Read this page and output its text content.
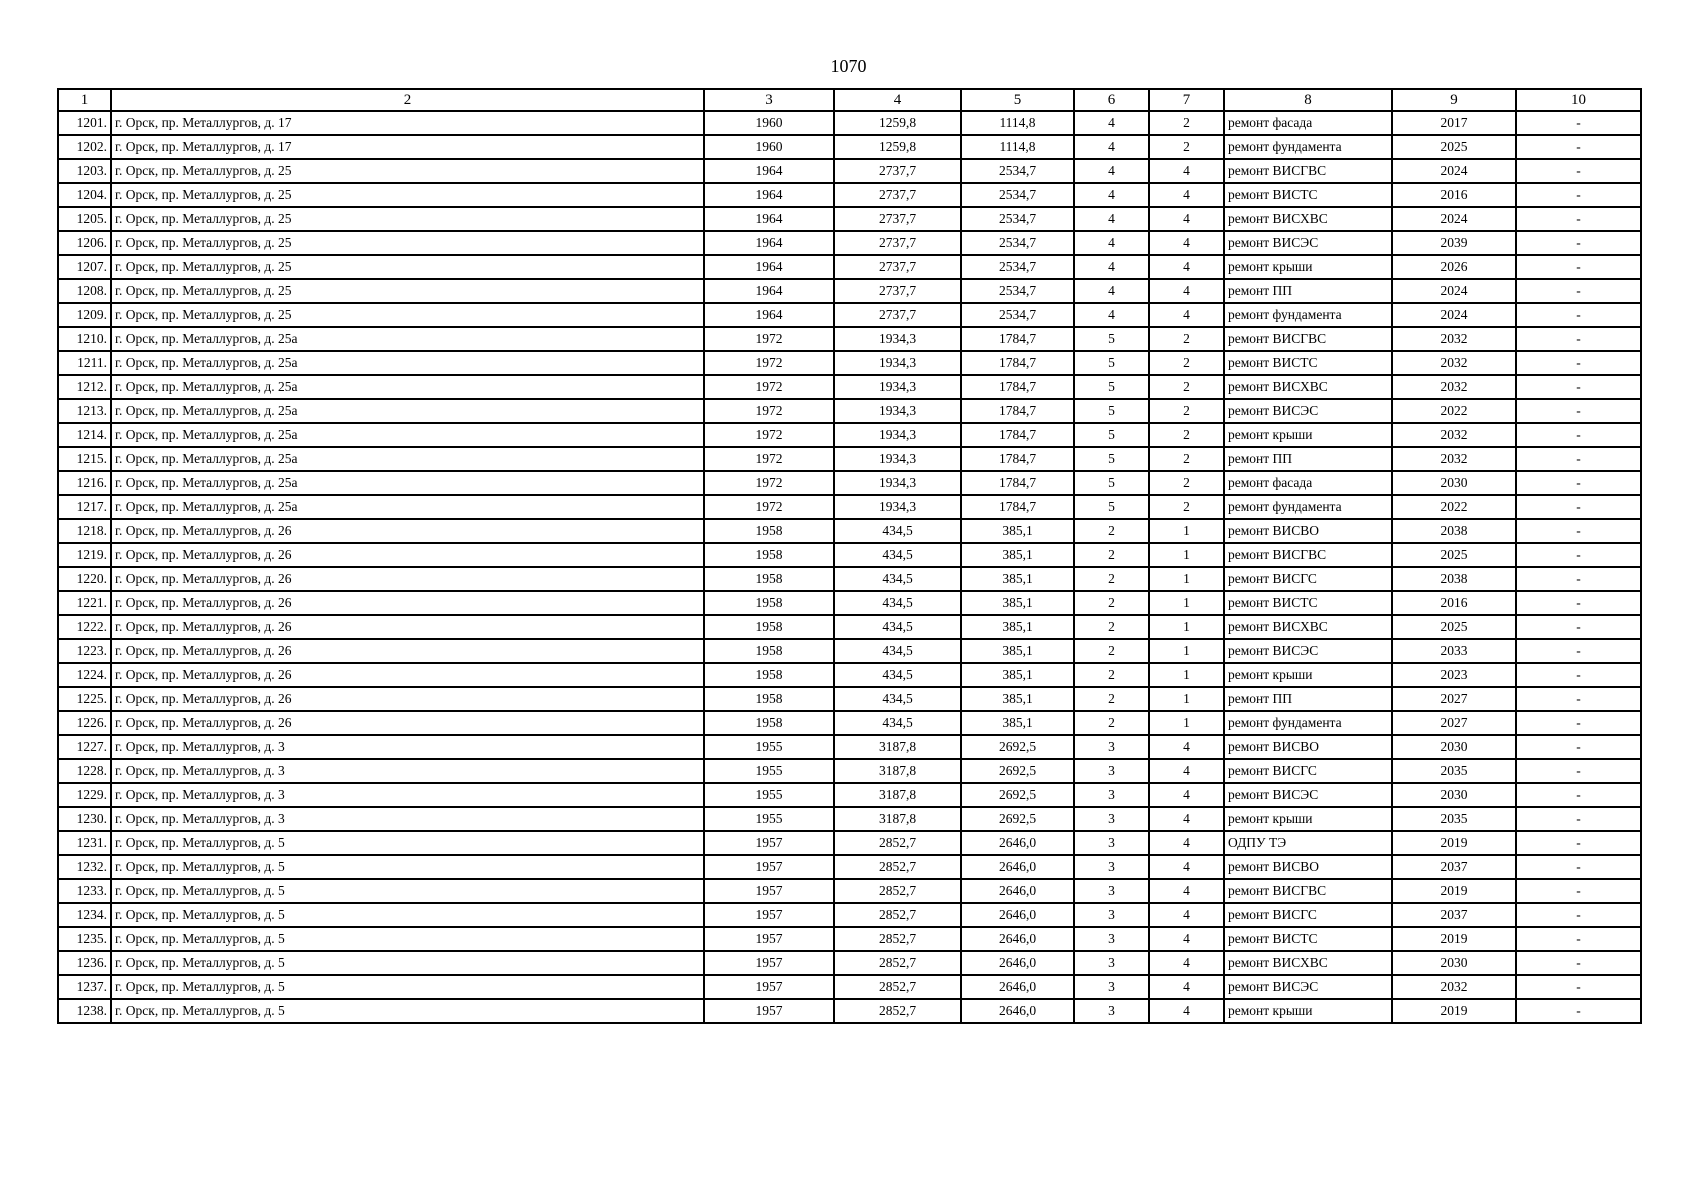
1070
1	2	3	4	5	6	7	8	9	10
1201.	г. Орск, пр. Металлургов, д. 17	1960	1259,8	1114,8	4	2	ремонт фасада	2017	-
1202.	г. Орск, пр. Металлургов, д. 17	1960	1259,8	1114,8	4	2	ремонт фундамента	2025	-
1203.	г. Орск, пр. Металлургов, д. 25	1964	2737,7	2534,7	4	4	ремонт ВИСГВС	2024	-
1204.	г. Орск, пр. Металлургов, д. 25	1964	2737,7	2534,7	4	4	ремонт ВИСТС	2016	-
1205.	г. Орск, пр. Металлургов, д. 25	1964	2737,7	2534,7	4	4	ремонт ВИСХВС	2024	-
1206.	г. Орск, пр. Металлургов, д. 25	1964	2737,7	2534,7	4	4	ремонт ВИСЭС	2039	-
1207.	г. Орск, пр. Металлургов, д. 25	1964	2737,7	2534,7	4	4	ремонт крыши	2026	-
1208.	г. Орск, пр. Металлургов, д. 25	1964	2737,7	2534,7	4	4	ремонт ПП	2024	-
1209.	г. Орск, пр. Металлургов, д. 25	1964	2737,7	2534,7	4	4	ремонт фундамента	2024	-
1210.	г. Орск, пр. Металлургов, д. 25а	1972	1934,3	1784,7	5	2	ремонт ВИСГВС	2032	-
1211.	г. Орск, пр. Металлургов, д. 25а	1972	1934,3	1784,7	5	2	ремонт ВИСТС	2032	-
1212.	г. Орск, пр. Металлургов, д. 25а	1972	1934,3	1784,7	5	2	ремонт ВИСХВС	2032	-
1213.	г. Орск, пр. Металлургов, д. 25а	1972	1934,3	1784,7	5	2	ремонт ВИСЭС	2022	-
1214.	г. Орск, пр. Металлургов, д. 25а	1972	1934,3	1784,7	5	2	ремонт крыши	2032	-
1215.	г. Орск, пр. Металлургов, д. 25а	1972	1934,3	1784,7	5	2	ремонт ПП	2032	-
1216.	г. Орск, пр. Металлургов, д. 25а	1972	1934,3	1784,7	5	2	ремонт фасада	2030	-
1217.	г. Орск, пр. Металлургов, д. 25а	1972	1934,3	1784,7	5	2	ремонт фундамента	2022	-
1218.	г. Орск, пр. Металлургов, д. 26	1958	434,5	385,1	2	1	ремонт ВИСВО	2038	-
1219.	г. Орск, пр. Металлургов, д. 26	1958	434,5	385,1	2	1	ремонт ВИСГВС	2025	-
1220.	г. Орск, пр. Металлургов, д. 26	1958	434,5	385,1	2	1	ремонт ВИСГС	2038	-
1221.	г. Орск, пр. Металлургов, д. 26	1958	434,5	385,1	2	1	ремонт ВИСТС	2016	-
1222.	г. Орск, пр. Металлургов, д. 26	1958	434,5	385,1	2	1	ремонт ВИСХВС	2025	-
1223.	г. Орск, пр. Металлургов, д. 26	1958	434,5	385,1	2	1	ремонт ВИСЭС	2033	-
1224.	г. Орск, пр. Металлургов, д. 26	1958	434,5	385,1	2	1	ремонт крыши	2023	-
1225.	г. Орск, пр. Металлургов, д. 26	1958	434,5	385,1	2	1	ремонт ПП	2027	-
1226.	г. Орск, пр. Металлургов, д. 26	1958	434,5	385,1	2	1	ремонт фундамента	2027	-
1227.	г. Орск, пр. Металлургов, д. 3	1955	3187,8	2692,5	3	4	ремонт ВИСВО	2030	-
1228.	г. Орск, пр. Металлургов, д. 3	1955	3187,8	2692,5	3	4	ремонт ВИСГС	2035	-
1229.	г. Орск, пр. Металлургов, д. 3	1955	3187,8	2692,5	3	4	ремонт ВИСЭС	2030	-
1230.	г. Орск, пр. Металлургов, д. 3	1955	3187,8	2692,5	3	4	ремонт крыши	2035	-
1231.	г. Орск, пр. Металлургов, д. 5	1957	2852,7	2646,0	3	4	ОДПУ ТЭ	2019	-
1232.	г. Орск, пр. Металлургов, д. 5	1957	2852,7	2646,0	3	4	ремонт ВИСВО	2037	-
1233.	г. Орск, пр. Металлургов, д. 5	1957	2852,7	2646,0	3	4	ремонт ВИСГВС	2019	-
1234.	г. Орск, пр. Металлургов, д. 5	1957	2852,7	2646,0	3	4	ремонт ВИСГС	2037	-
1235.	г. Орск, пр. Металлургов, д. 5	1957	2852,7	2646,0	3	4	ремонт ВИСТС	2019	-
1236.	г. Орск, пр. Металлургов, д. 5	1957	2852,7	2646,0	3	4	ремонт ВИСХВС	2030	-
1237.	г. Орск, пр. Металлургов, д. 5	1957	2852,7	2646,0	3	4	ремонт ВИСЭС	2032	-
1238.	г. Орск, пр. Металлургов, д. 5	1957	2852,7	2646,0	3	4	ремонт крыши	2019	-
